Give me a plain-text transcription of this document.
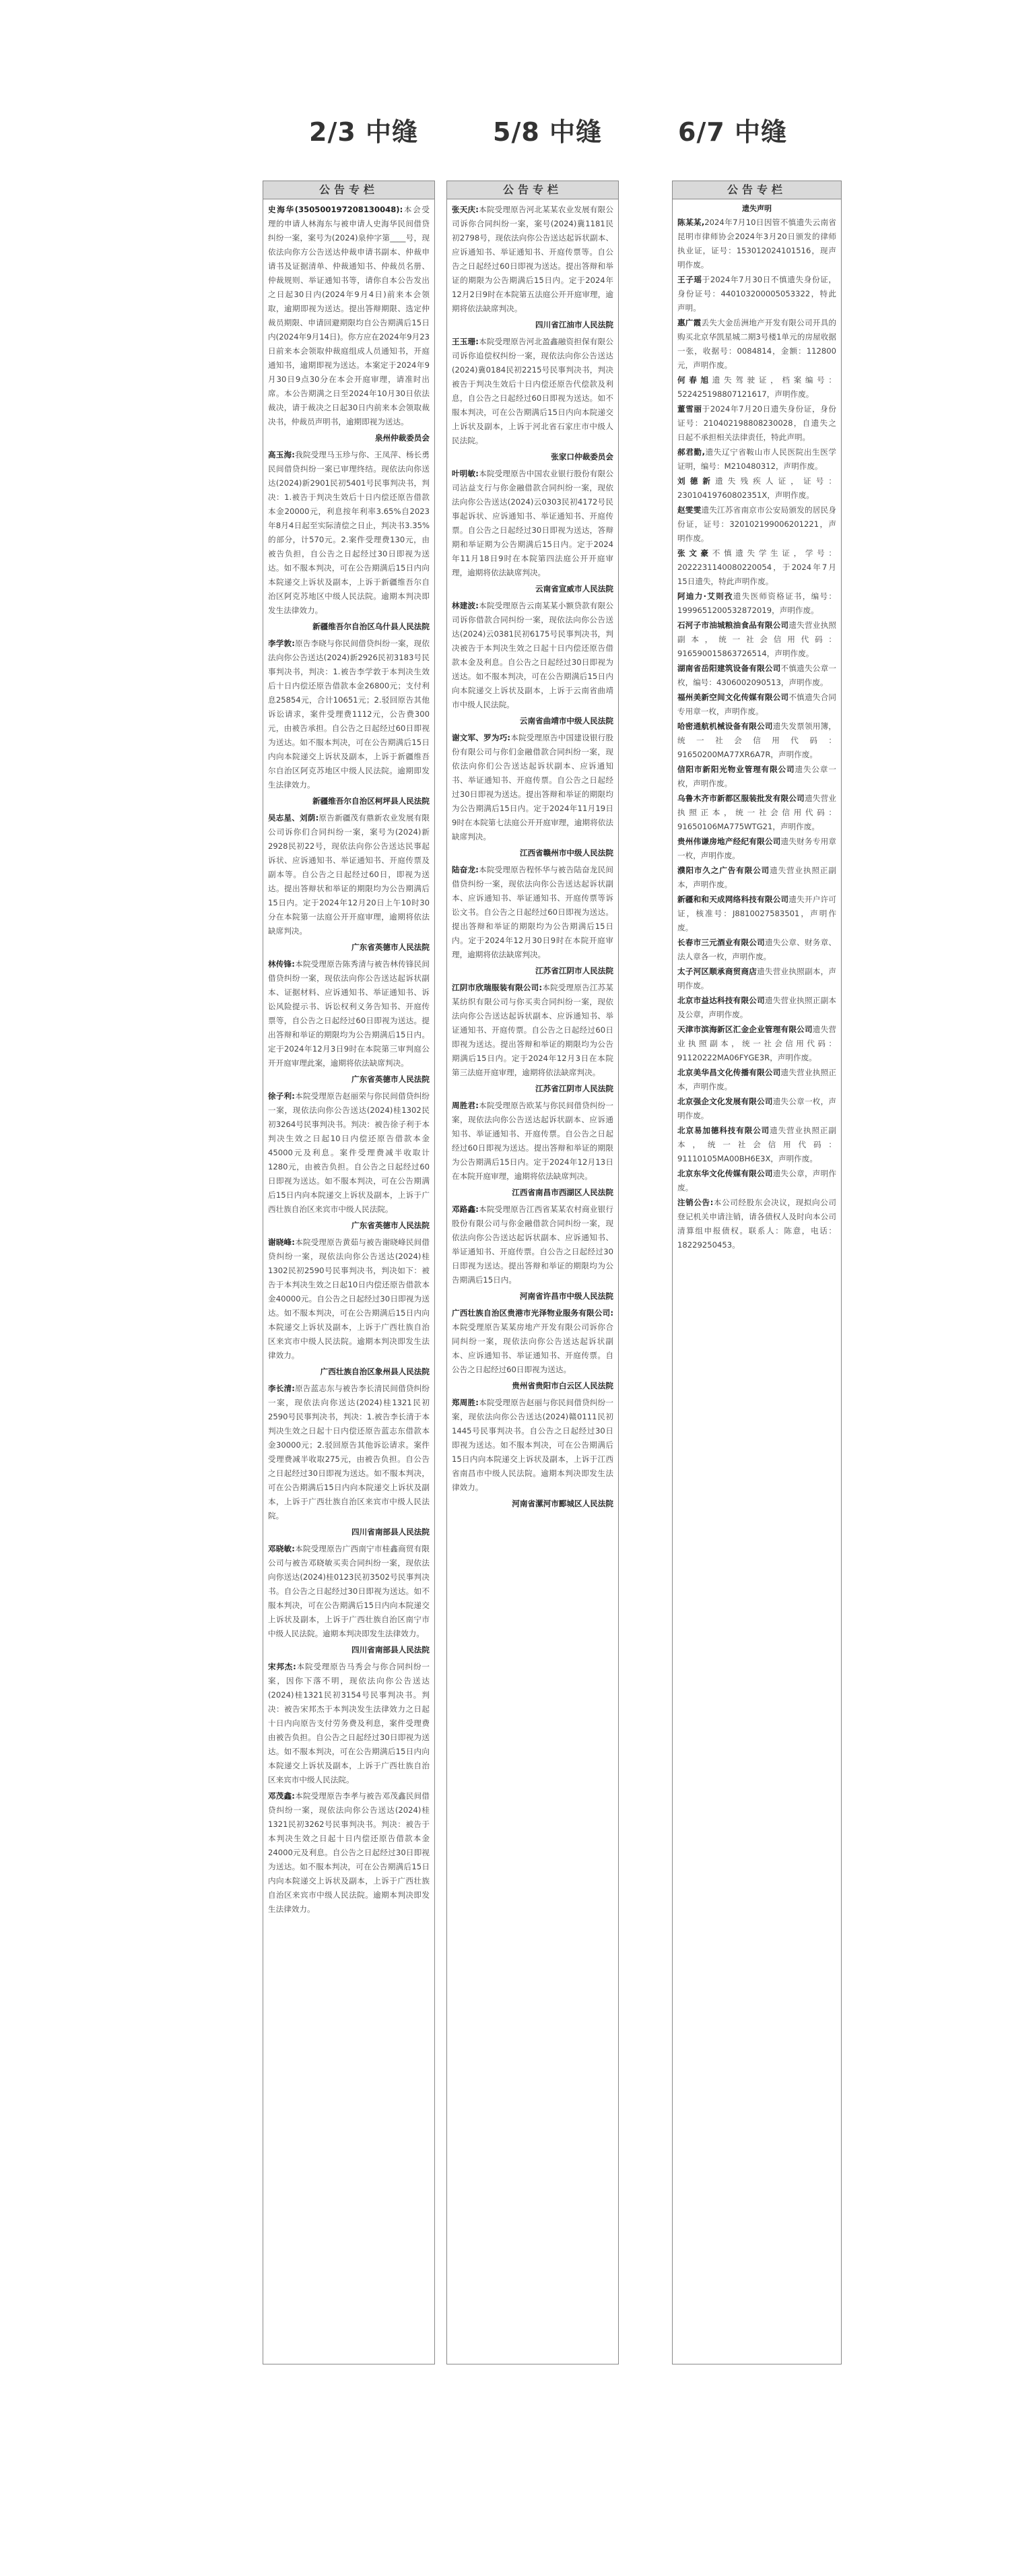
2/3 中缝	5/8 中缝	6/7 中缝
公告专栏
史海华(350500197208130048):本会受理的申请人林海东与被申请人史海华民间借贷纠纷一案，案号为(2024)泉仲字第____号，现依法向你方公告送达仲裁申请书副本、仲裁申请书及证据清单、仲裁通知书、仲裁员名册、仲裁规则、举证通知书等，请你自本公告发出之日起30日内(2024年9月4日)前来本会领取，逾期即视为送达。提出答辩期限、选定仲裁员期限、申请回避期限均自公告期满后15日内(2024年9月14日)。你方应在2024年9月23日前来本会领取仲裁庭组成人员通知书，开庭通知书，逾期即视为送达。本案定于2024年9月30日9点30分在本会开庭审理，请准时出席。本公告期满之日至2024年10月30日依法裁决，请于裁决之日起30日内前来本会领取裁决书，仲裁员声明书，逾期即视为送达。
泉州仲裁委员会
高玉海:我院受理马玉珍与你、王凤萍、杨长勇民间借贷纠纷一案已审理终结。现依法向你送达(2024)新2901民初5401号民事判决书，判决：1.被告于判决生效后十日内偿还原告借款本金20000元，利息按年利率3.65%自2023年8月4日起至实际清偿之日止，判决书3.35%的部分，计570元。2.案件受理费130元，由被告负担，自公告之日起经过30日即视为送达。如不服本判决，可在公告期满后15日内向本院递交上诉状及副本，上诉于新疆维吾尔自治区阿克苏地区中级人民法院。逾期本判决即发生法律效力。
新疆维吾尔自治区乌什县人民法院
李学敦:原告李晓与你民间借贷纠纷一案，现依法向你公告送达(2024)新2926民初3183号民事判决书，判决：1.被告李学敦于本判决生效后十日内偿还原告借款本金26800元；支付利息25854元，合计10651元；2.驳回原告其他诉讼请求，案件受理费1112元，公告费300元，由被告承担。自公告之日起经过60日即视为送达。如不服本判决，可在公告期满后15日内向本院递交上诉状及副本，上诉于新疆维吾尔自治区阿克苏地区中级人民法院。逾期即发生法律效力。
新疆维吾尔自治区柯坪县人民法院
吴志星、刘荫:原告新疆茂有鼎新农业发展有限公司诉你们合同纠纷一案，案号为(2024)新2928民初22号，现依法向你公告送达民事起诉状、应诉通知书、举证通知书、开庭传票及副本等。自公告之日起经过60日，即视为送达。提出答辩状和举证的期限均为公告期满后15日内。定于2024年12月20日上午10时30分在本院第一法庭公开开庭审理，逾期将依法缺席判决。
广东省英德市人民法院
林传锋:本院受理原告陈秀清与被告林传锋民间借贷纠纷一案，现依法向你公告送达起诉状副本、证据材料、应诉通知书、举证通知书、诉讼风险提示书、诉讼权利义务告知书、开庭传票等，自公告之日起经过60日即视为送达。提出答辩和举证的期限均为公告期满后15日内。定于2024年12月3日9时在本院第三审判庭公开开庭审理此案，逾期将依法缺席判决。
广东省英德市人民法院
徐子利:本院受理原告赵丽荣与你民间借贷纠纷一案，现依法向你公告送达(2024)桂1302民初3264号民事判决书。判决：被告徐子利于本判决生效之日起10日内偿还原告借款本金45000元及利息。案件受理费减半收取计1280元，由被告负担。自公告之日起经过60日即视为送达。如不服本判决，可在公告期满后15日内向本院递交上诉状及副本，上诉于广西壮族自治区来宾市中级人民法院。
广东省英德市人民法院
谢晓峰:本院受理原告黄茹与被告谢晓峰民间借贷纠纷一案，现依法向你公告送达(2024)桂1302民初2590号民事判决书，判决如下：被告于本判决生效之日起10日内偿还原告借款本金40000元。自公告之日起经过30日即视为送达。如不服本判决，可在公告期满后15日内向本院递交上诉状及副本，上诉于广西壮族自治区来宾市中级人民法院。逾期本判决即发生法律效力。
广西壮族自治区象州县人民法院
李长清:原告蓝志东与被告李长清民间借贷纠纷一案，现依法向你送达(2024)桂1321民初2590号民事判决书，判决：1.被告李长清于本判决生效之日起十日内偿还原告蓝志东借款本金30000元；2.驳回原告其他诉讼请求。案件受理费减半收取275元，由被告负担。自公告之日起经过30日即视为送达。如不服本判决，可在公告期满后15日内向本院递交上诉状及副本，上诉于广西壮族自治区来宾市中级人民法院。
四川省南部县人民法院
邓晓敏:本院受理原告广西南宁市桂鑫商贸有限公司与被告邓晓敏买卖合同纠纷一案，现依法向你送达(2024)桂0123民初3502号民事判决书。自公告之日起经过30日即视为送达。如不服本判决，可在公告期满后15日内向本院递交上诉状及副本，上诉于广西壮族自治区南宁市中级人民法院。逾期本判决即发生法律效力。
四川省南部县人民法院
宋邦杰:本院受理原告马秀会与你合同纠纷一案，因你下落不明，现依法向你公告送达(2024)桂1321民初3154号民事判决书。判决：被告宋邦杰于本判决发生法律效力之日起十日内向原告支付劳务费及利息，案件受理费由被告负担。自公告之日起经过30日即视为送达。如不服本判决，可在公告期满后15日内向本院递交上诉状及副本，上诉于广西壮族自治区来宾市中级人民法院。
邓茂鑫:本院受理原告李孝与被告邓茂鑫民间借贷纠纷一案，现依法向你公告送达(2024)桂1321民初3262号民事判决书。判决：被告于本判决生效之日起十日内偿还原告借款本金24000元及利息。自公告之日起经过30日即视为送达。如不服本判决，可在公告期满后15日内向本院递交上诉状及副本，上诉于广西壮族自治区来宾市中级人民法院。逾期本判决即发生法律效力。
公告专栏
张天庆:本院受理原告河北某某农业发展有限公司诉你合同纠纷一案，案号(2024)冀1181民初2798号，现依法向你公告送达起诉状副本、应诉通知书、举证通知书、开庭传票等。自公告之日起经过60日即视为送达。提出答辩和举证的期限为公告期满后15日内。定于2024年12月2日9时在本院第五法庭公开开庭审理，逾期将依法缺席判决。
四川省江油市人民法院
王玉珊:本院受理原告河北盈鑫融资担保有限公司诉你追偿权纠纷一案，现依法向你公告送达(2024)冀0184民初2215号民事判决书，判决被告于判决生效后十日内偿还原告代偿款及利息，自公告之日起经过60日即视为送达。如不服本判决，可在公告期满后15日内向本院递交上诉状及副本，上诉于河北省石家庄市中级人民法院。
张家口仲裁委员会
叶明敏:本院受理原告中国农业银行股份有限公司沾益支行与你金融借款合同纠纷一案，现依法向你公告送达(2024)云0303民初4172号民事起诉状、应诉通知书、举证通知书、开庭传票。自公告之日起经过30日即视为送达，答辩期和举证期为公告期满后15日内。定于2024年11月18日9时在本院第四法庭公开开庭审理，逾期将依法缺席判决。
云南省宣威市人民法院
林建波:本院受理原告云南某某小额贷款有限公司诉你借款合同纠纷一案，现依法向你公告送达(2024)云0381民初6175号民事判决书，判决被告于本判决生效之日起十日内偿还原告借款本金及利息。自公告之日起经过30日即视为送达。如不服本判决，可在公告期满后15日内向本院递交上诉状及副本，上诉于云南省曲靖市中级人民法院。
云南省曲靖市中级人民法院
谢文军、罗为巧:本院受理原告中国建设银行股份有限公司与你们金融借款合同纠纷一案，现依法向你们公告送达起诉状副本、应诉通知书、举证通知书、开庭传票。自公告之日起经过30日即视为送达。提出答辩和举证的期限均为公告期满后15日内。定于2024年11月19日9时在本院第七法庭公开开庭审理，逾期将依法缺席判决。
江西省赣州市中级人民法院
陆奋龙:本院受理原告程怀华与被告陆奋龙民间借贷纠纷一案，现依法向你公告送达起诉状副本、应诉通知书、举证通知书、开庭传票等诉讼文书。自公告之日起经过60日即视为送达。提出答辩和举证的期限均为公告期满后15日内。定于2024年12月30日9时在本院开庭审理，逾期将依法缺席判决。
江苏省江阴市人民法院
江阴市欣瑞服装有限公司:本院受理原告江苏某某纺织有限公司与你买卖合同纠纷一案，现依法向你公告送达起诉状副本、应诉通知书、举证通知书、开庭传票。自公告之日起经过60日即视为送达。提出答辩和举证的期限均为公告期满后15日内。定于2024年12月3日在本院第三法庭开庭审理，逾期将依法缺席判决。
江苏省江阴市人民法院
周胜君:本院受理原告欧某与你民间借贷纠纷一案，现依法向你公告送达起诉状副本、应诉通知书、举证通知书、开庭传票。自公告之日起经过60日即视为送达。提出答辩和举证的期限为公告期满后15日内。定于2024年12月13日在本院开庭审理，逾期将依法缺席判决。
江西省南昌市西湖区人民法院
邓路鑫:本院受理原告江西省某某农村商业银行股份有限公司与你金融借款合同纠纷一案，现依法向你公告送达起诉状副本、应诉通知书、举证通知书、开庭传票。自公告之日起经过30日即视为送达。提出答辩和举证的期限均为公告期满后15日内。
河南省许昌市中级人民法院
广西壮族自治区贵港市光泽物业服务有限公司:本院受理原告某某房地产开发有限公司诉你合同纠纷一案，现依法向你公告送达起诉状副本、应诉通知书、举证通知书、开庭传票。自公告之日起经过60日即视为送达。
贵州省贵阳市白云区人民法院
郑周胜:本院受理原告赵丽与你民间借贷纠纷一案，现依法向你公告送达(2024)赣0111民初1445号民事判决书。自公告之日起经过30日即视为送达。如不服本判决，可在公告期满后15日内向本院递交上诉状及副本，上诉于江西省南昌市中级人民法院。逾期本判决即发生法律效力。
河南省漯河市郾城区人民法院
公告专栏
遗失声明
陈某某,2024年7月10日因管不慎遗失云南省昆明市律师协会2024年3月20日颁发的律师执业证，证号：153012024101516，现声明作废。
王子瑶于2024年7月30日不慎遗失身份证，身份证号：440103200005053322，特此声明。
惠广霞丢失大金岳洲地产开发有限公司开具的购买北京华凯星城二期3号楼1单元的房屋收据一张，收据号：0084814，金额：112800元，声明作废。
何春旭遗失驾驶证，档案编号：522425198807121617，声明作废。
董雪丽于2024年7月20日遗失身份证，身份证号：210402198808230028，自遗失之日起不承担相关法律责任，特此声明。
郝君勤,遗失辽宁省鞍山市人民医院出生医学证明，编号：M210480312，声明作废。
刘德新遗失残疾人证，证号：23010419760802351X，声明作废。
赵雯雯遗失江苏省南京市公安局颁发的居民身份证，证号：320102199006201221，声明作废。
张文豪不慎遗失学生证，学号：2022231140080220054，于2024年7月15日遗失，特此声明作废。
阿迪力·艾则孜遗失医师资格证书，编号：1999651200532872019，声明作废。
石河子市油城粮油食品有限公司遗失营业执照副本，统一社会信用代码：916590015863726514，声明作废。
湖南省岳阳建筑设备有限公司不慎遗失公章一枚，编号：4306002090513，声明作废。
福州美新空间文化传媒有限公司不慎遗失合同专用章一枚，声明作废。
哈密通航机械设备有限公司遗失发票领用簿，统一社会信用代码：91650200MA77XR6A7R，声明作废。
信阳市新阳光物业管理有限公司遗失公章一枚，声明作废。
乌鲁木齐市新都区服装批发有限公司遗失营业执照正本，统一社会信用代码：91650106MA775WTG21，声明作废。
贵州伟谦房地产经纪有限公司遗失财务专用章一枚，声明作废。
濮阳市久之广告有限公司遗失营业执照正副本，声明作废。
新疆和和天成网络科技有限公司遗失开户许可证，核准号：J8810027583501，声明作废。
长春市三元酒业有限公司遗失公章、财务章、法人章各一枚，声明作废。
太子河区顺承商贸商店遗失营业执照副本，声明作废。
北京市益达科技有限公司遗失营业执照正副本及公章，声明作废。
天津市滨海新区汇金企业管理有限公司遗失营业执照副本，统一社会信用代码：91120222MA06FYGE3R，声明作废。
北京美华昌文化传播有限公司遗失营业执照正本，声明作废。
北京强企文化发展有限公司遗失公章一枚，声明作废。
北京易加德科技有限公司遗失营业执照正副本，统一社会信用代码：91110105MA00BH6E3X，声明作废。
北京东华文化传媒有限公司遗失公章，声明作废。
注销公告:本公司经股东会决议，现拟向公司登记机关申请注销，请各债权人及时向本公司清算组申报债权。联系人：陈意，电话：18229250453。
